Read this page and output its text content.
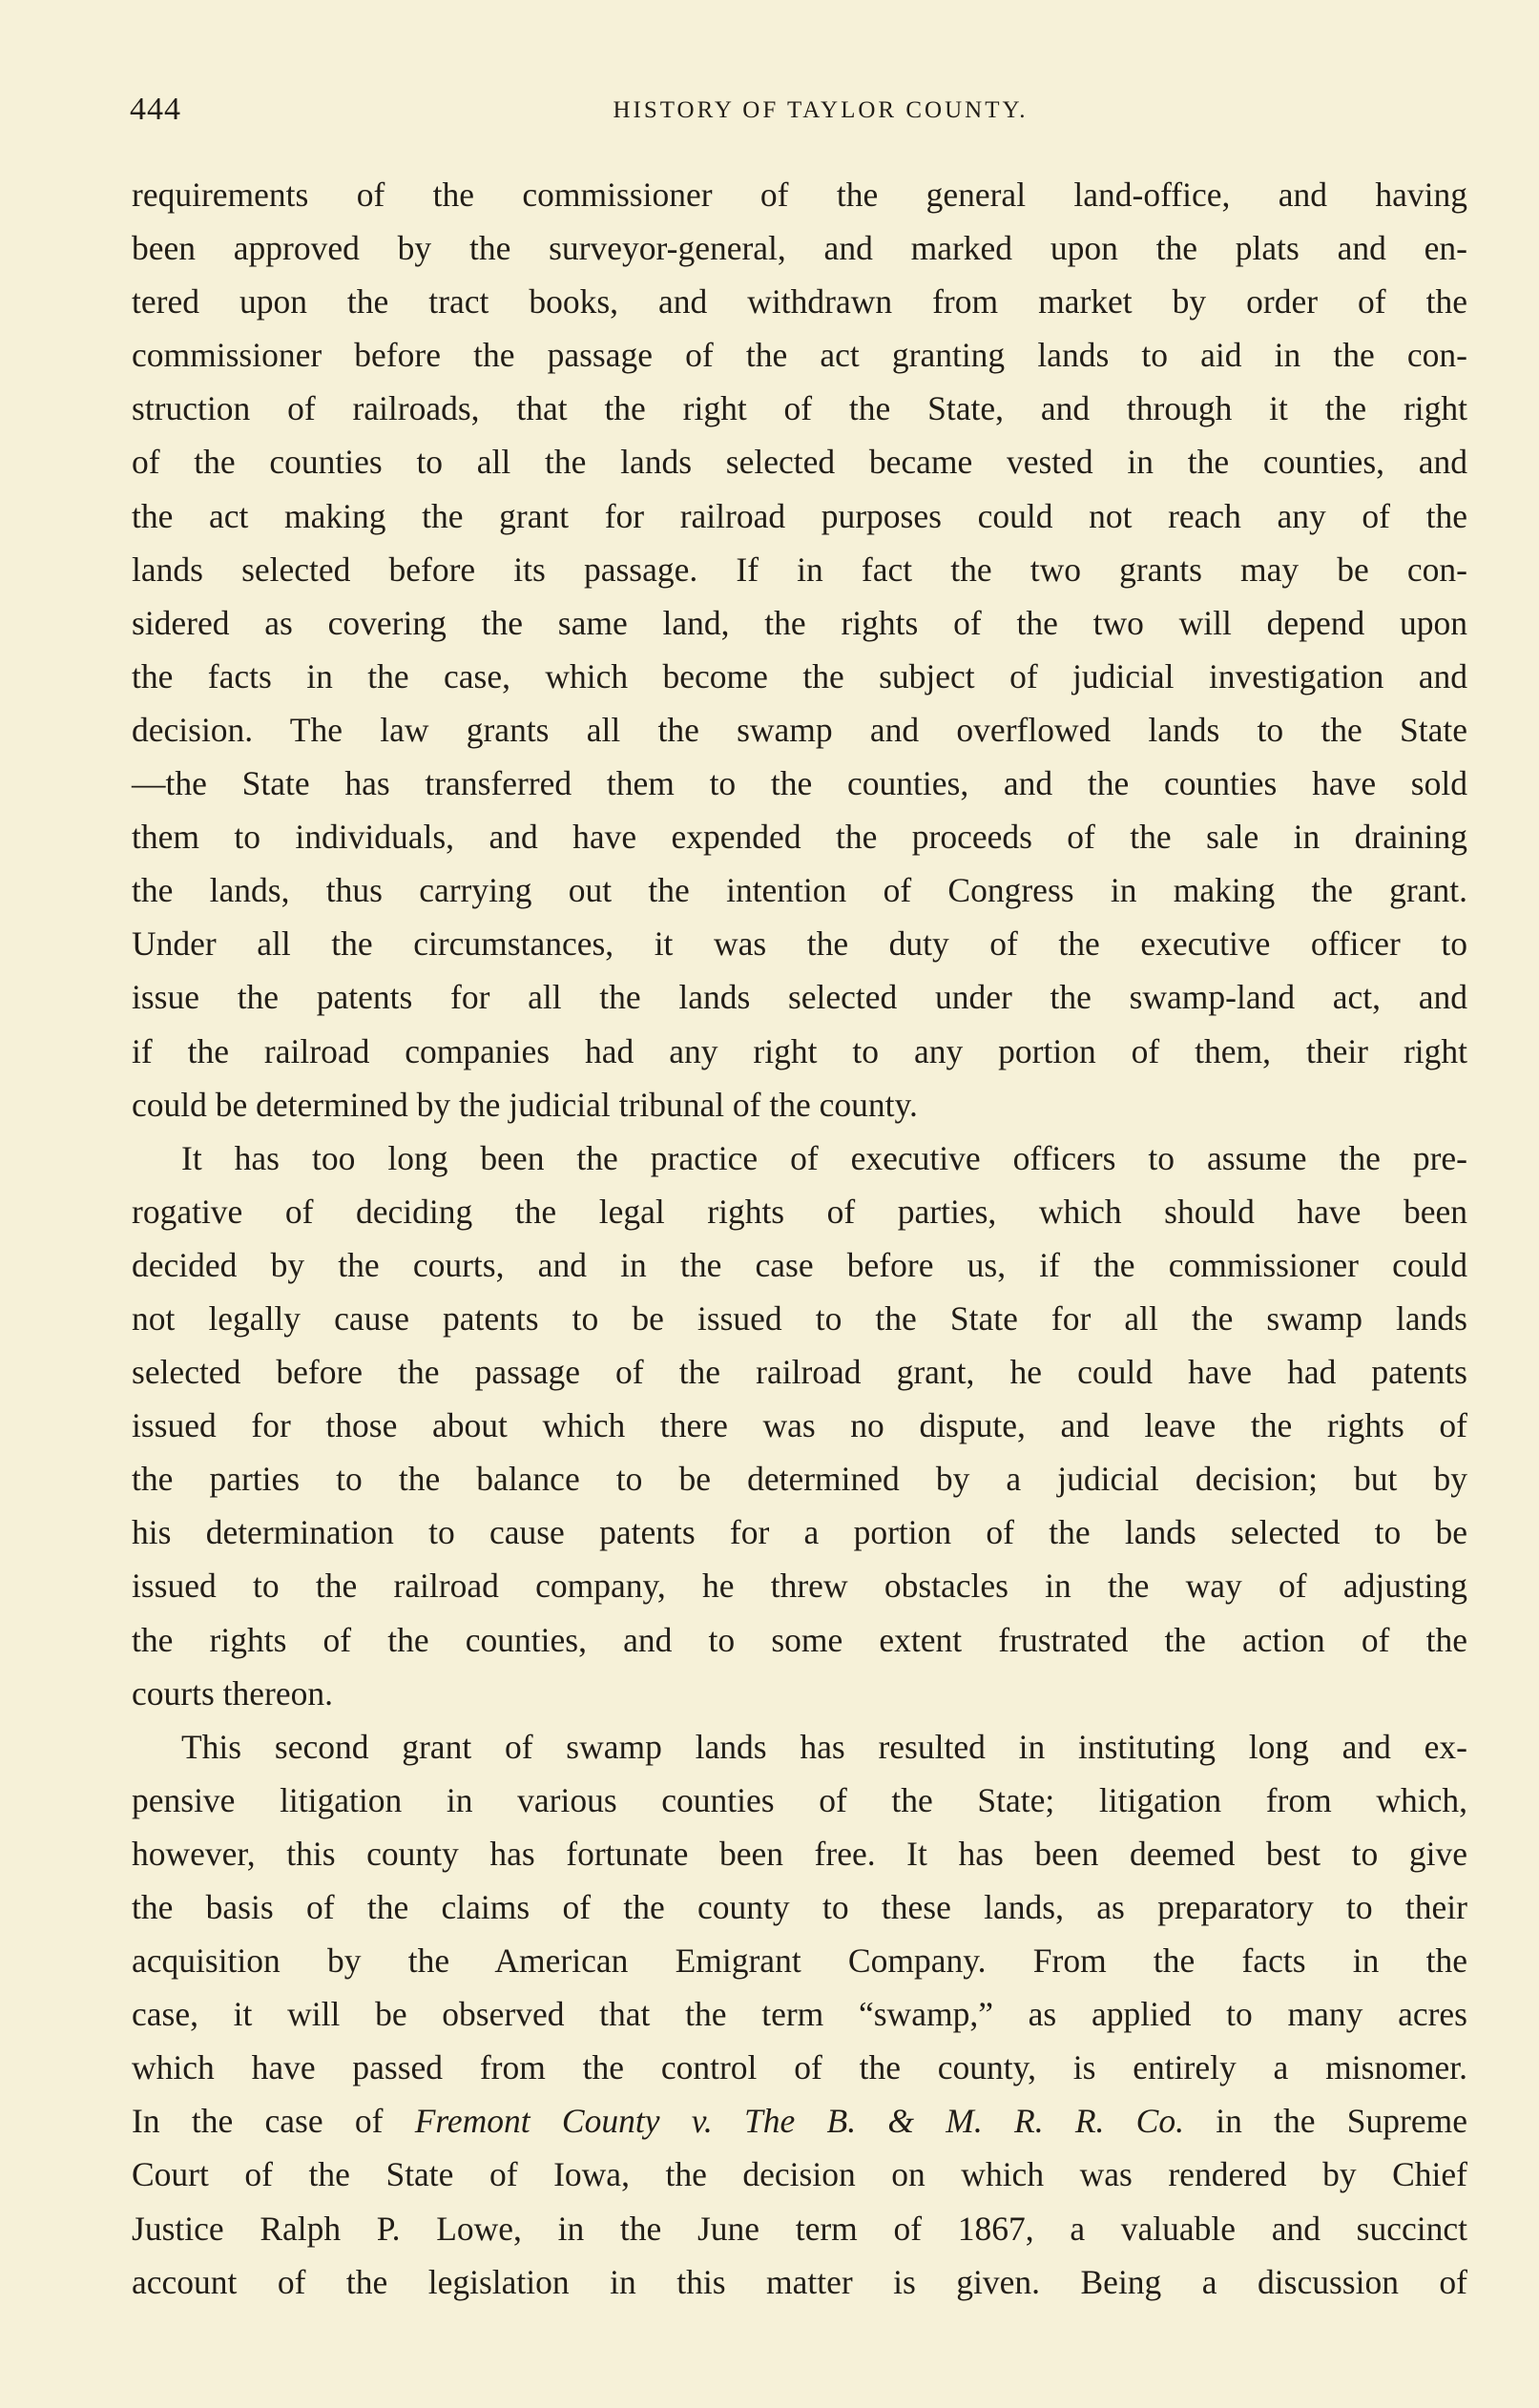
444	HISTORY OF TAYLOR COUNTY.
requirements of the commissioner of the general land-office, and having
been approved by the surveyor-general, and marked upon the plats and en-
tered upon the tract books, and withdrawn from market by order of the
commissioner before the passage of the act granting lands to aid in the con-
struction of railroads, that the right of the State, and through it the right
of the counties to all the lands selected became vested in the counties, and
the act making the grant for railroad purposes could not reach any of the
lands selected before its passage. If in fact the two grants may be con-
sidered as covering the same land, the rights of the two will depend upon
the facts in the case, which become the subject of judicial investigation and
decision. The law grants all the swamp and overflowed lands to the State
—the State has transferred them to the counties, and the counties have sold
them to individuals, and have expended the proceeds of the sale in draining
the lands, thus carrying out the intention of Congress in making the grant.
Under all the circumstances, it was the duty of the executive officer to
issue the patents for all the lands selected under the swamp-land act, and
if the railroad companies had any right to any portion of them, their right
could be determined by the judicial tribunal of the county.
It has too long been the practice of executive officers to assume the pre-
rogative of deciding the legal rights of parties, which should have been
decided by the courts, and in the case before us, if the commissioner could
not legally cause patents to be issued to the State for all the swamp lands
selected before the passage of the railroad grant, he could have had patents
issued for those about which there was no dispute, and leave the rights of
the parties to the balance to be determined by a judicial decision; but by
his determination to cause patents for a portion of the lands selected to be
issued to the railroad company, he threw obstacles in the way of adjusting
the rights of the counties, and to some extent frustrated the action of the
courts thereon.
This second grant of swamp lands has resulted in instituting long and ex-
pensive litigation in various counties of the State; litigation from which,
however, this county has fortunate been free. It has been deemed best to give
the basis of the claims of the county to these lands, as preparatory to their
acquisition by the American Emigrant Company. From the facts in the
case, it will be observed that the term “swamp,” as applied to many acres
which have passed from the control of the county, is entirely a misnomer.
In the case of Fremont County v. The B. & M. R. R. Co. in the Supreme
Court of the State of Iowa, the decision on which was rendered by Chief
Justice Ralph P. Lowe, in the June term of 1867, a valuable and succinct
account of the legislation in this matter is given. Being a discussion of
